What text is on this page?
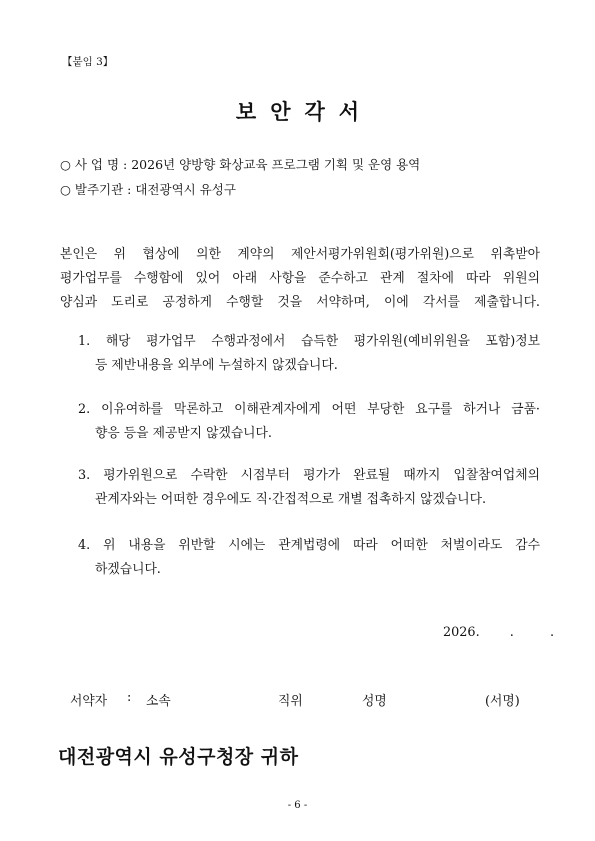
【붙임 3】
보안각서
○ 사 업 명 : 2026년 양방향 화상교육 프로그램 기획 및 운영 용역
○ 발주기관 : 대전광역시 유성구
본인은 위 협상에 의한 계약의 제안서평가위원회(평가위원)으로 위촉받아
평가업무를 수행함에 있어 아래 사항을 준수하고 관계 절차에 따라 위원의
양심과 도리로 공정하게 수행할 것을 서약하며, 이에 각서를 제출합니다.
1. 해당 평가업무 수행과정에서 습득한 평가위원(예비위원을 포함)정보
등 제반내용을 외부에 누설하지 않겠습니다.
2. 이유여하를 막론하고 이해관계자에게 어떤 부당한 요구를 하거나 금품·
향응 등을 제공받지 않겠습니다.
3. 평가위원으로 수락한 시점부터 평가가 완료될 때까지 입찰참여업체의
관계자와는 어떠한 경우에도 직·간접적으로 개별 접촉하지 않겠습니다.
4. 위 내용을 위반할 시에는 관계법령에 따라 어떠한 처벌이라도 감수
하겠습니다.
2026. .	.
서약자 : 소속	직위	성명	(서명)
대전광역시 유성구청장 귀하
- 6 -
